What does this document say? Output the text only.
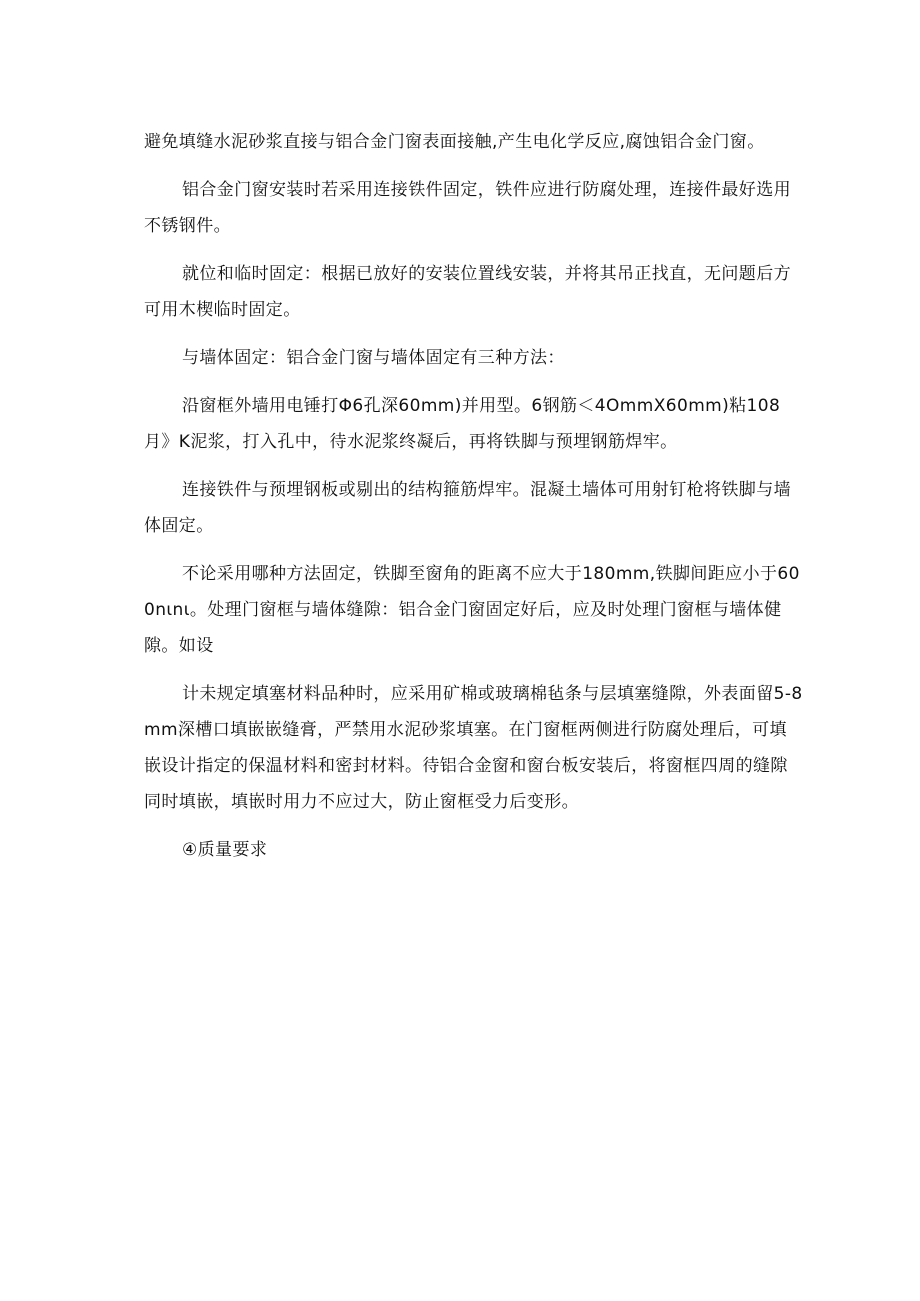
避免填缝水泥砂浆直接与铝合金门窗表面接触,产生电化学反应,腐蚀铝合金门窗。

铝合金门窗安装时若采用连接铁件固定，铁件应进行防腐处理，连接件最好选用不锈钢件。

就位和临时固定：根据已放好的安装位置线安装，并将其吊正找直，无问题后方可用木楔临时固定。

与墙体固定：铝合金门窗与墙体固定有三种方法：

沿窗框外墙用电锤打Φ6孔深60mm)并用型。6钢筋＜4OmmX60mm)粘108月》K泥浆，打入孔中，待水泥浆终凝后，再将铁脚与预埋钢筋焊牢。

连接铁件与预埋钢板或剔出的结构箍筋焊牢。混凝土墙体可用射钉枪将铁脚与墙体固定。

不论采用哪种方法固定，铁脚至窗角的距离不应大于180mm,铁脚间距应小于600nιnι。处理门窗框与墙体缝隙：铝合金门窗固定好后，应及时处理门窗框与墙体健隙。如设

计未规定填塞材料品种时，应采用矿棉或玻璃棉毡条与层填塞缝隙，外表面留5-8mm深槽口填嵌嵌缝膏，严禁用水泥砂浆填塞。在门窗框两侧进行防腐处理后，可填嵌设计指定的保温材料和密封材料。待铝合金窗和窗台板安装后，将窗框四周的缝隙同时填嵌，填嵌时用力不应过大，防止窗框受力后变形。

④质量要求
